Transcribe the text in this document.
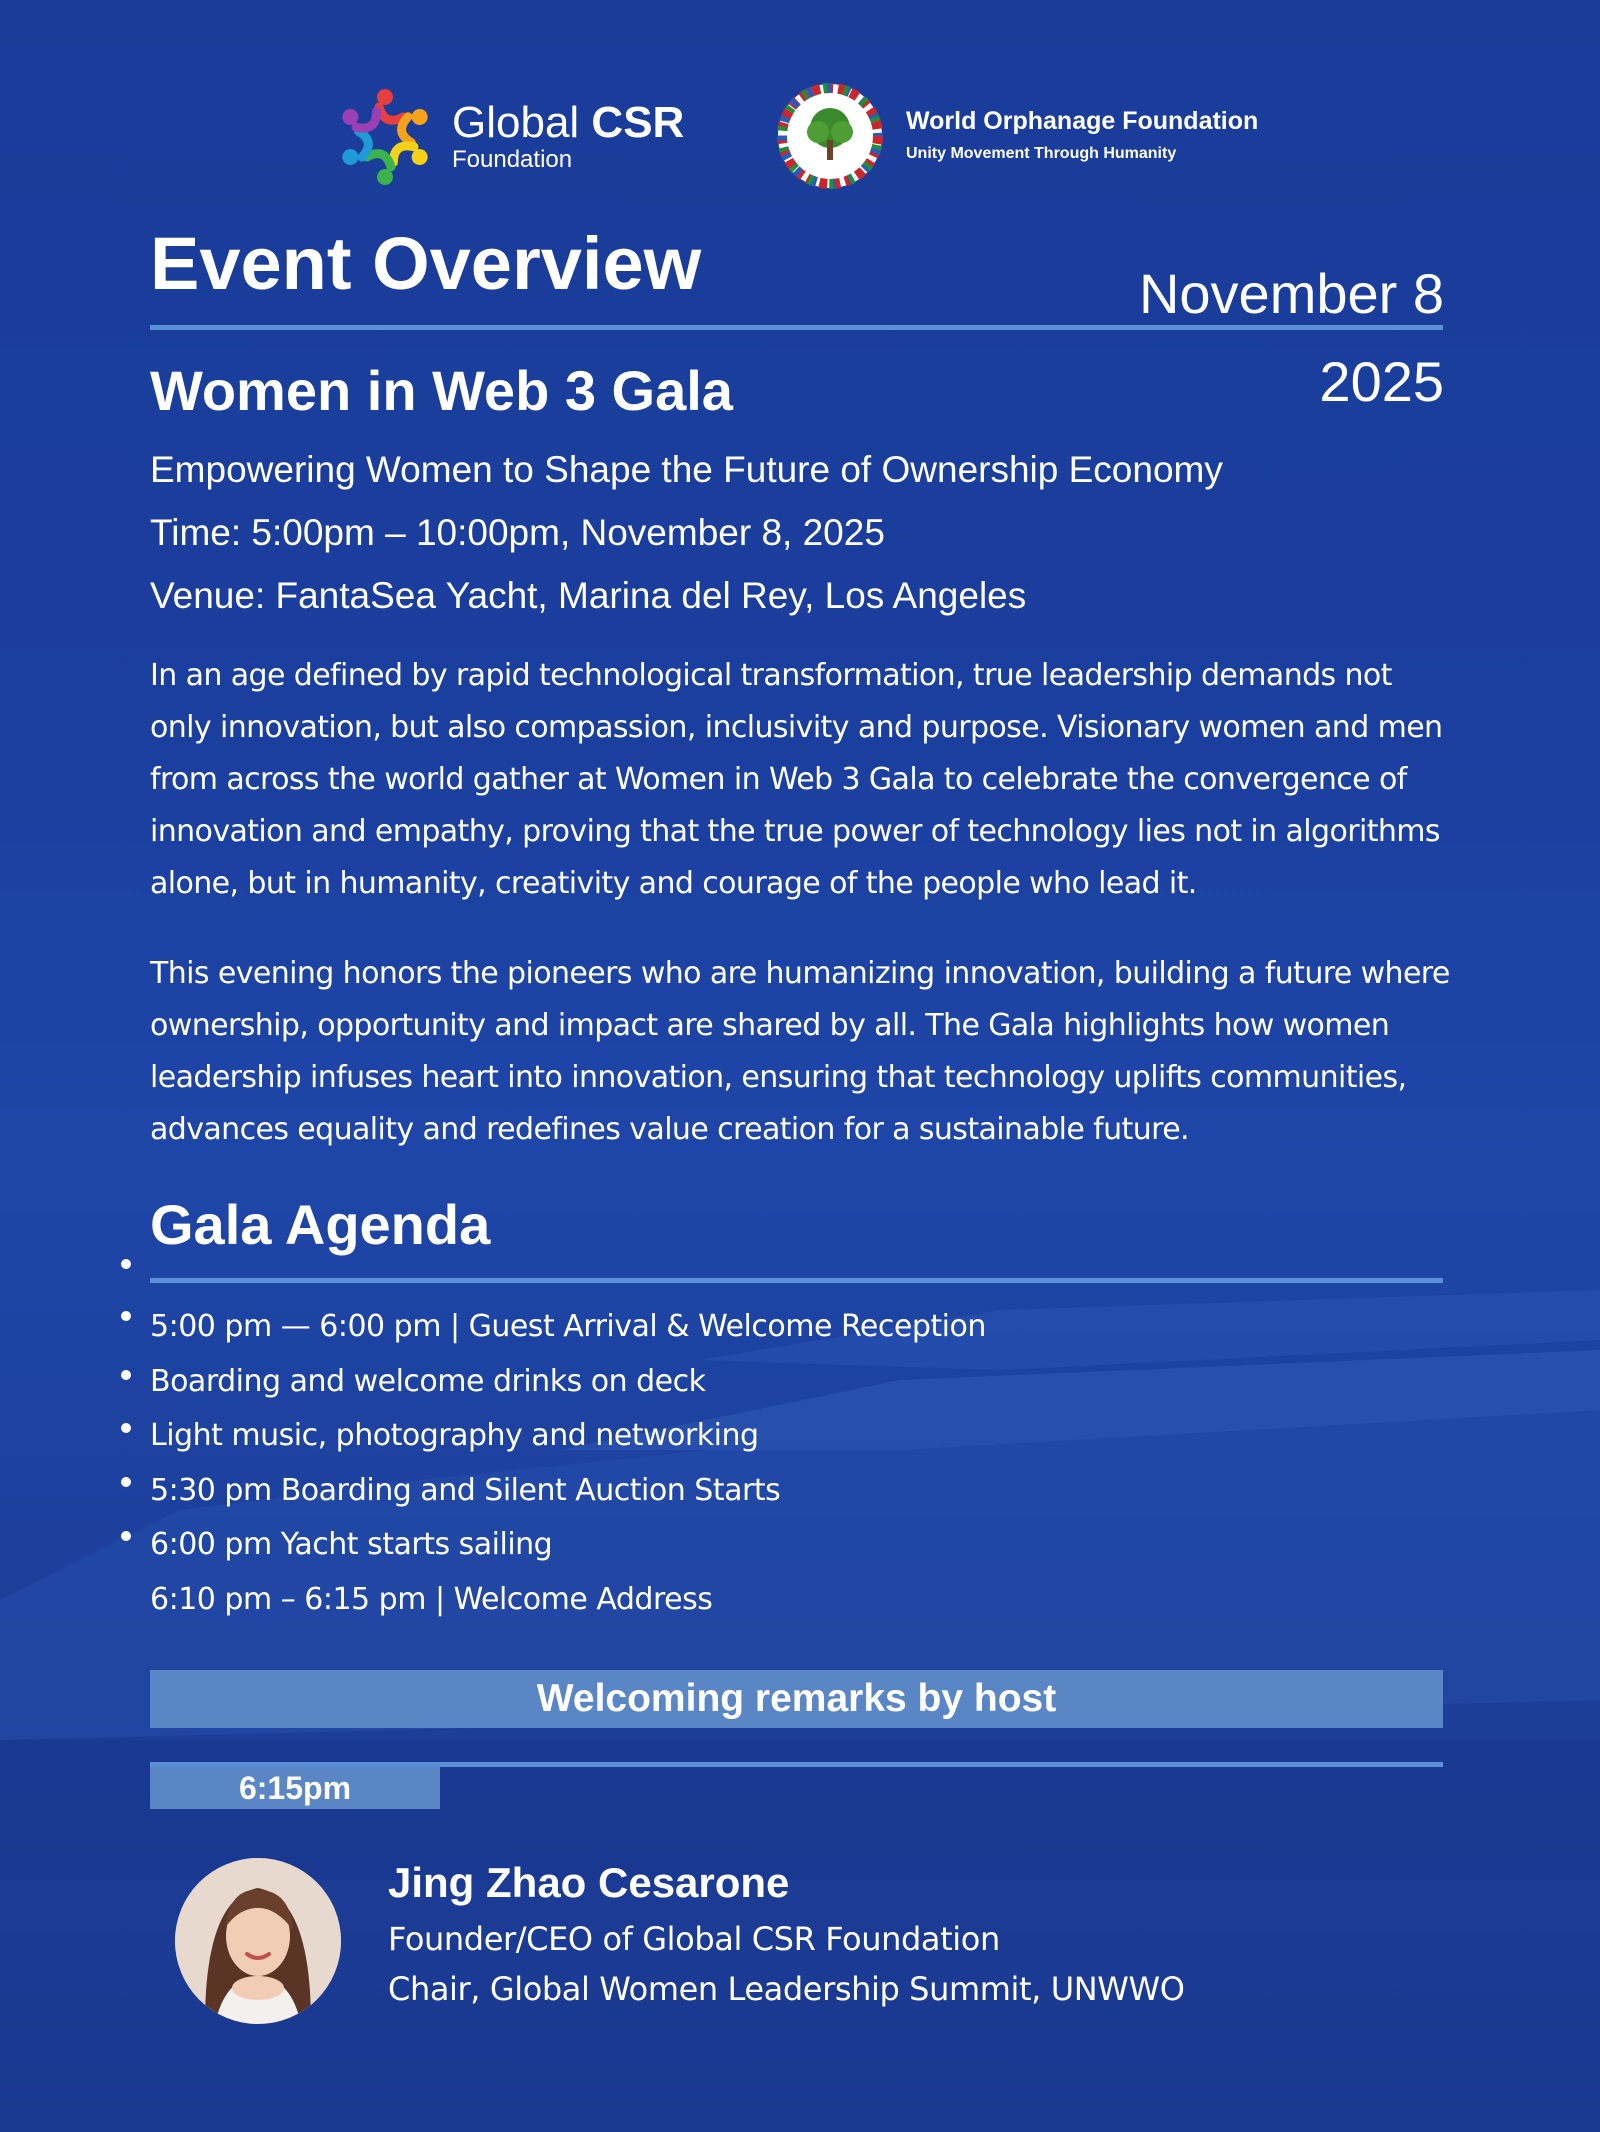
Global CSR
Foundation
World Orphanage Foundation
Unity Movement Through Humanity
Event Overview	November 8
2025
Women in Web 3 Gala
Empowering Women to Shape the Future of Ownership Economy
Time: 5:00pm – 10:00pm, November 8, 2025
Venue: FantaSea Yacht, Marina del Rey, Los Angeles

In an age defined by rapid technological transformation, true leadership demands not only innovation, but also compassion, inclusivity and purpose. Visionary women and men from across the world gather at Women in Web 3 Gala to celebrate the convergence of innovation and empathy, proving that the true power of technology lies not in algorithms alone, but in humanity, creativity and courage of the people who lead it.

This evening honors the pioneers who are humanizing innovation, building a future where ownership, opportunity and impact are shared by all. The Gala highlights how women leadership infuses heart into innovation, ensuring that technology uplifts communities, advances equality and redefines value creation for a sustainable future.

Gala Agenda
5:00 pm — 6:00 pm | Guest Arrival & Welcome Reception
Boarding and welcome drinks on deck
Light music, photography and networking
5:30 pm Boarding and Silent Auction Starts
6:00 pm Yacht starts sailing
6:10 pm – 6:15 pm | Welcome Address
Welcoming remarks by host
6:15pm
Jing Zhao Cesarone
Founder/CEO of Global CSR Foundation
Chair, Global Women Leadership Summit, UNWWO
